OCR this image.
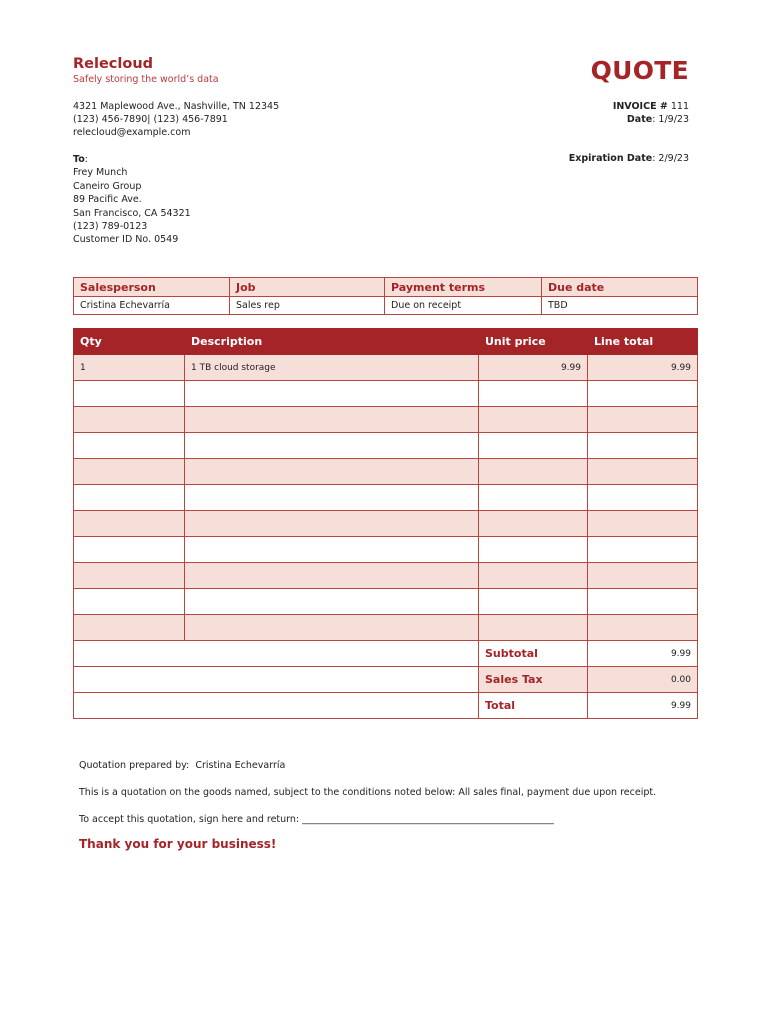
Relecloud
Safely storing the world’s data
4321 Maplewood Ave., Nashville, TN 12345
(123) 456-7890| (123) 456-7891
relecloud@example.com
QUOTE
INVOICE # 111
Date: 1/9/23
To:
Frey Munch
Caneiro Group
89 Pacific Ave.
San Francisco, CA 54321
(123) 789-0123
Customer ID No. 0549
Expiration Date: 2/9/23
Salesperson	Job	Payment terms	Due date
Cristina Echevarría	Sales rep	Due on receipt	TBD
Qty	Description	Unit price	Line total
1	1 TB cloud storage	9.99	9.99

		Subtotal	9.99
		Sales Tax	0.00
		Total	9.99
Quotation prepared by: Cristina Echevarría
This is a quotation on the goods named, subject to the conditions noted below: All sales final, payment due upon receipt.
To accept this quotation, sign here and return: _____________________________________________________
Thank you for your business!
